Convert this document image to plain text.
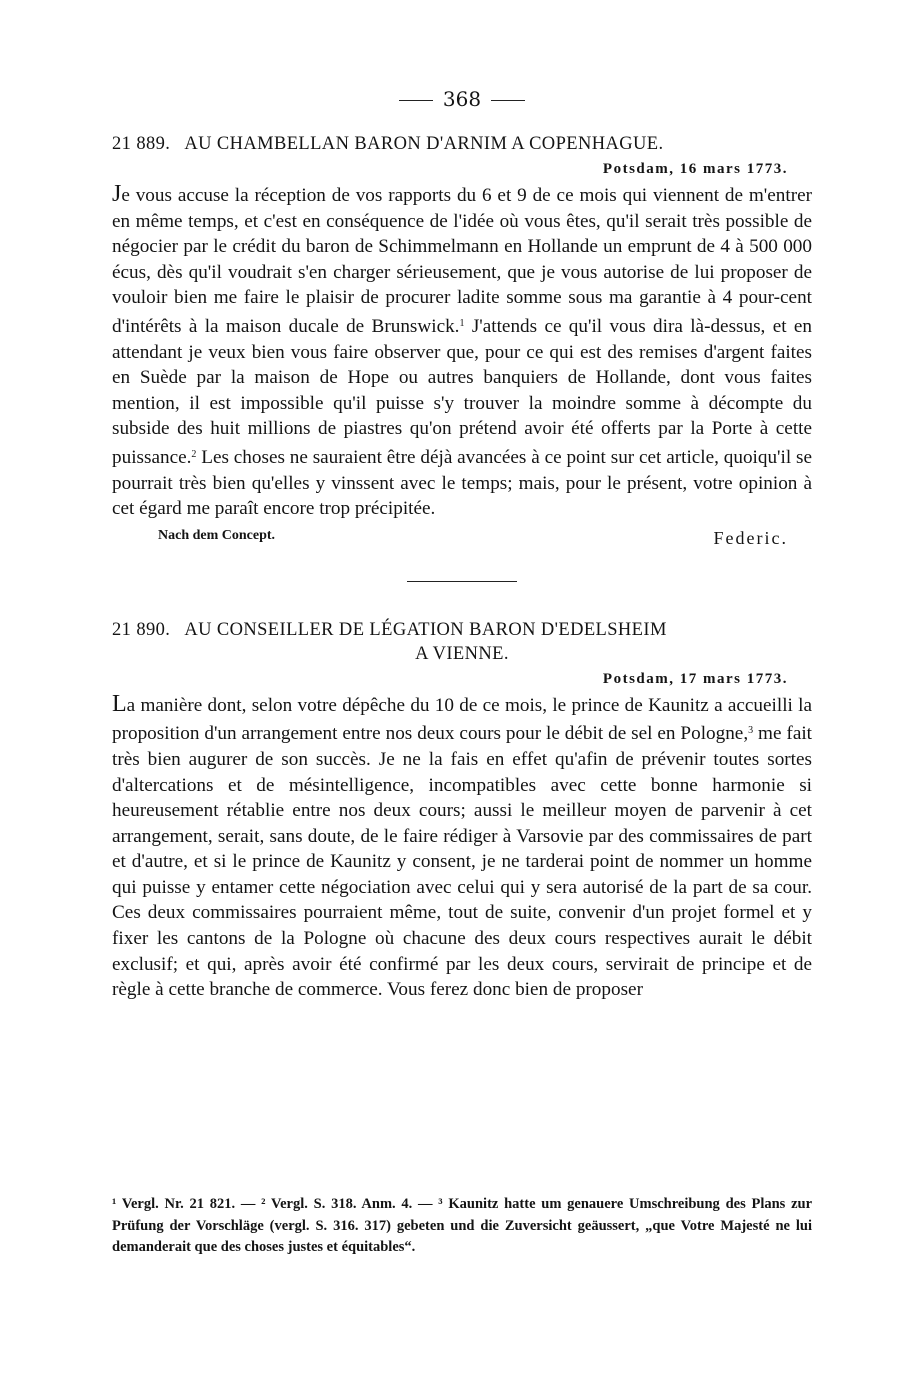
368
21 889. AU CHAMBELLAN BARON D'ARNIM A COPENHAGUE.
Potsdam, 16 mars 1773.
Je vous accuse la réception de vos rapports du 6 et 9 de ce mois qui viennent de m'entrer en même temps, et c'est en conséquence de l'idée où vous êtes, qu'il serait très possible de négocier par le crédit du baron de Schimmelmann en Hollande un emprunt de 4 à 500 000 écus, dès qu'il voudrait s'en charger sérieusement, que je vous autorise de lui proposer de vouloir bien me faire le plaisir de procurer ladite somme sous ma garantie à 4 pour-cent d'intérêts à la maison ducale de Brunswick.$^1$ J'attends ce qu'il vous dira là-dessus, et en attendant je veux bien vous faire observer que, pour ce qui est des remises d'argent faites en Suède par la maison de Hope ou autres banquiers de Hollande, dont vous faites mention, il est impossible qu'il puisse s'y trouver la moindre somme à décompte du subside des huit millions de piastres qu'on prétend avoir été offerts par la Porte à cette puissance.$^2$ Les choses ne sauraient être déjà avancées à ce point sur cet article, quoiqu'il se pourrait très bien qu'elles y vinssent avec le temps; mais, pour le présent, votre opinion à cet égard me paraît encore trop précipitée.
Nach dem Concept.	Federic.
21 890. AU CONSEILLER DE LÉGATION BARON D'EDELSHEIM
A VIENNE.
Potsdam, 17 mars 1773.
La manière dont, selon votre dépêche du 10 de ce mois, le prince de Kaunitz a accueilli la proposition d'un arrangement entre nos deux cours pour le débit de sel en Pologne,$^3$ me fait très bien augurer de son succès. Je ne la fais en effet qu'afin de prévenir toutes sortes d'altercations et de mésintelligence, incompatibles avec cette bonne harmonie si heureusement rétablie entre nos deux cours; aussi le meilleur moyen de parvenir à cet arrangement, serait, sans doute, de le faire rédiger à Varsovie par des commissaires de part et d'autre, et si le prince de Kaunitz y consent, je ne tarderai point de nommer un homme qui puisse y entamer cette négociation avec celui qui y sera autorisé de la part de sa cour. Ces deux commissaires pourraient même, tout de suite, convenir d'un projet formel et y fixer les cantons de la Pologne où chacune des deux cours respectives aurait le débit exclusif; et qui, après avoir été confirmé par les deux cours, servirait de principe et de règle à cette branche de commerce. Vous ferez donc bien de proposer
¹ Vergl. Nr. 21 821. — ² Vergl. S. 318. Anm. 4. — ³ Kaunitz hatte um genauere Umschreibung des Plans zur Prüfung der Vorschläge (vergl. S. 316. 317) gebeten und die Zuversicht geäussert, „que Votre Majesté ne lui demanderait que des choses justes et équitables“.
